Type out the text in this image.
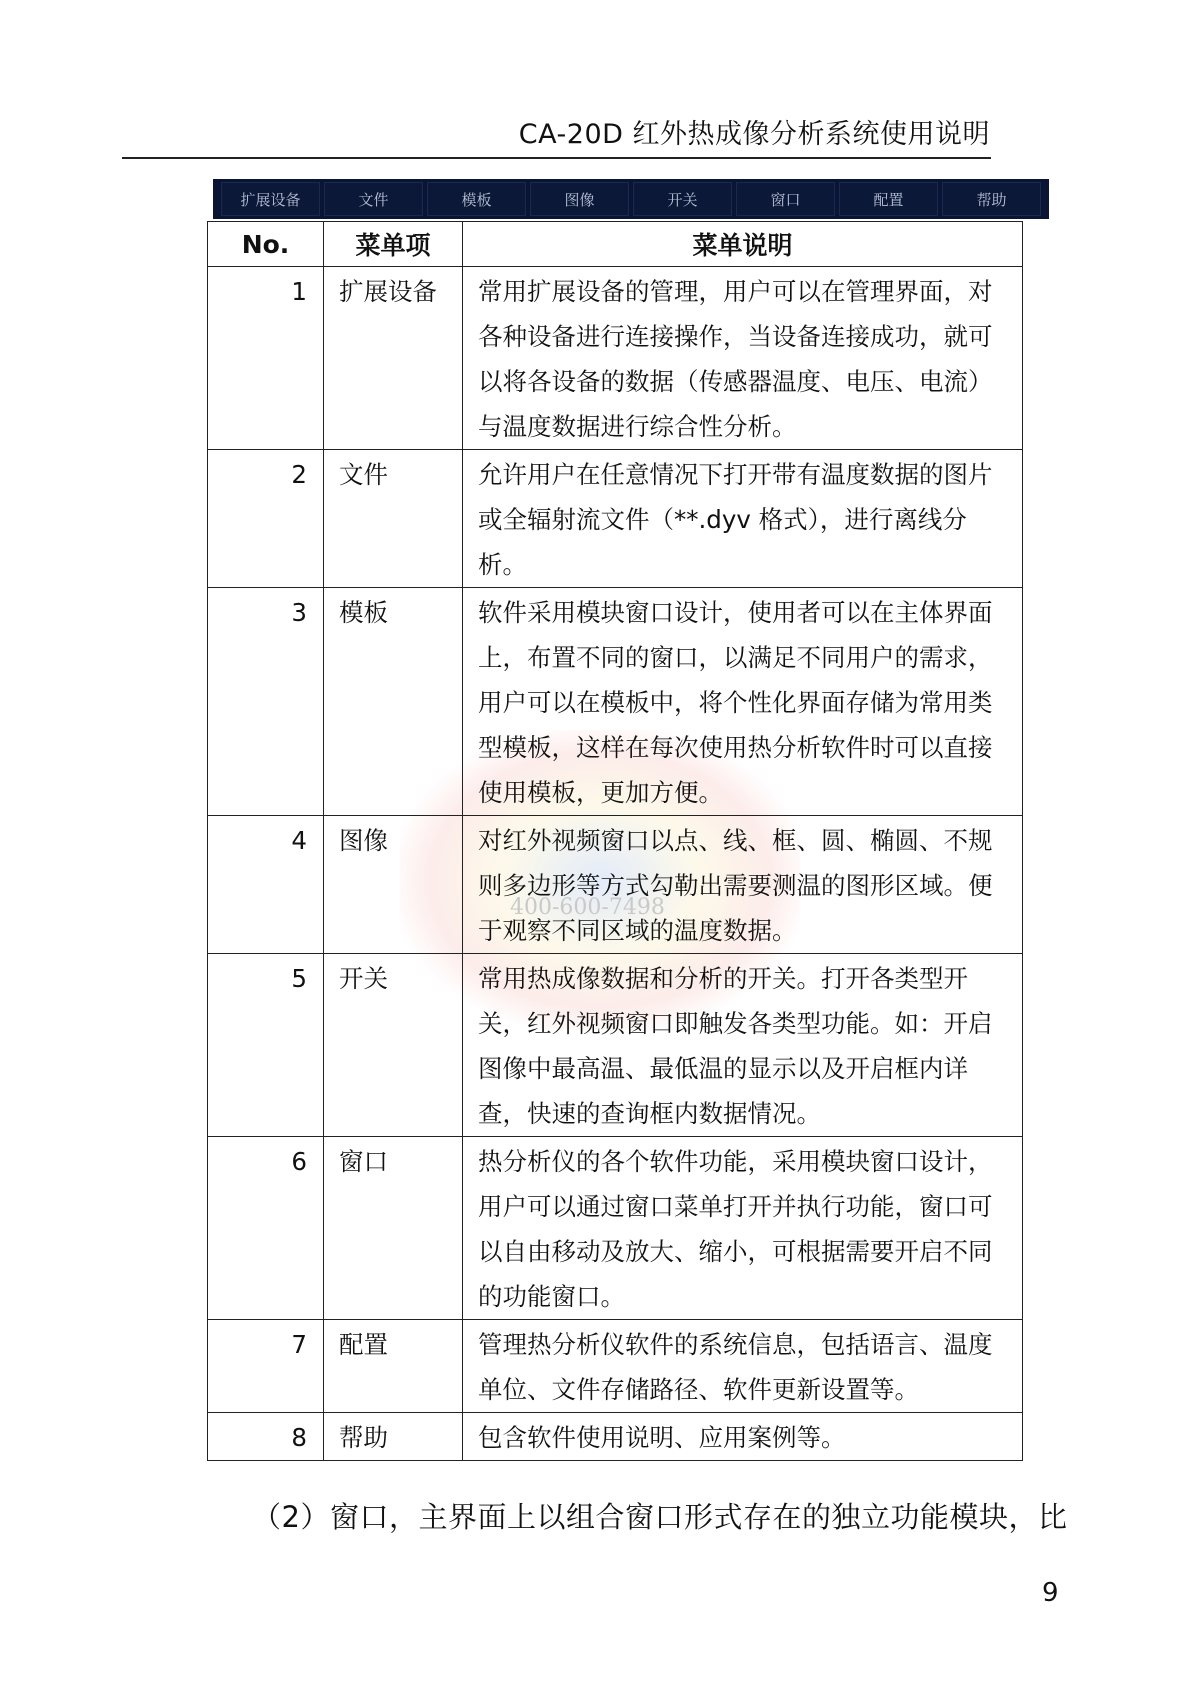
CA-20D 红外热成像分析系统使用说明
扩展设备	文件	模板	图像	开关	窗口	配置	帮助
400-600-7498
No.	菜单项	菜单说明
1	扩展设备	常用扩展设备的管理，用户可以在管理界面，对各种设备进行连接操作，当设备连接成功，就可以将各设备的数据（传感器温度、电压、电流）与温度数据进行综合性分析。
2	文件	允许用户在任意情况下打开带有温度数据的图片或全辐射流文件（**.dyv 格式），进行离线分析。
3	模板	软件采用模块窗口设计，使用者可以在主体界面上，布置不同的窗口，以满足不同用户的需求，用户可以在模板中，将个性化界面存储为常用类型模板，这样在每次使用热分析软件时可以直接使用模板，更加方便。
4	图像	对红外视频窗口以点、线、框、圆、椭圆、不规则多边形等方式勾勒出需要测温的图形区域。便于观察不同区域的温度数据。
5	开关	常用热成像数据和分析的开关。打开各类型开关，红外视频窗口即触发各类型功能。如：开启图像中最高温、最低温的显示以及开启框内详查，快速的查询框内数据情况。
6	窗口	热分析仪的各个软件功能，采用模块窗口设计，用户可以通过窗口菜单打开并执行功能，窗口可以自由移动及放大、缩小，可根据需要开启不同的功能窗口。
7	配置	管理热分析仪软件的系统信息，包括语言、温度单位、文件存储路径、软件更新设置等。
8	帮助	包含软件使用说明、应用案例等。
（2）窗口，主界面上以组合窗口形式存在的独立功能模块，比
9
